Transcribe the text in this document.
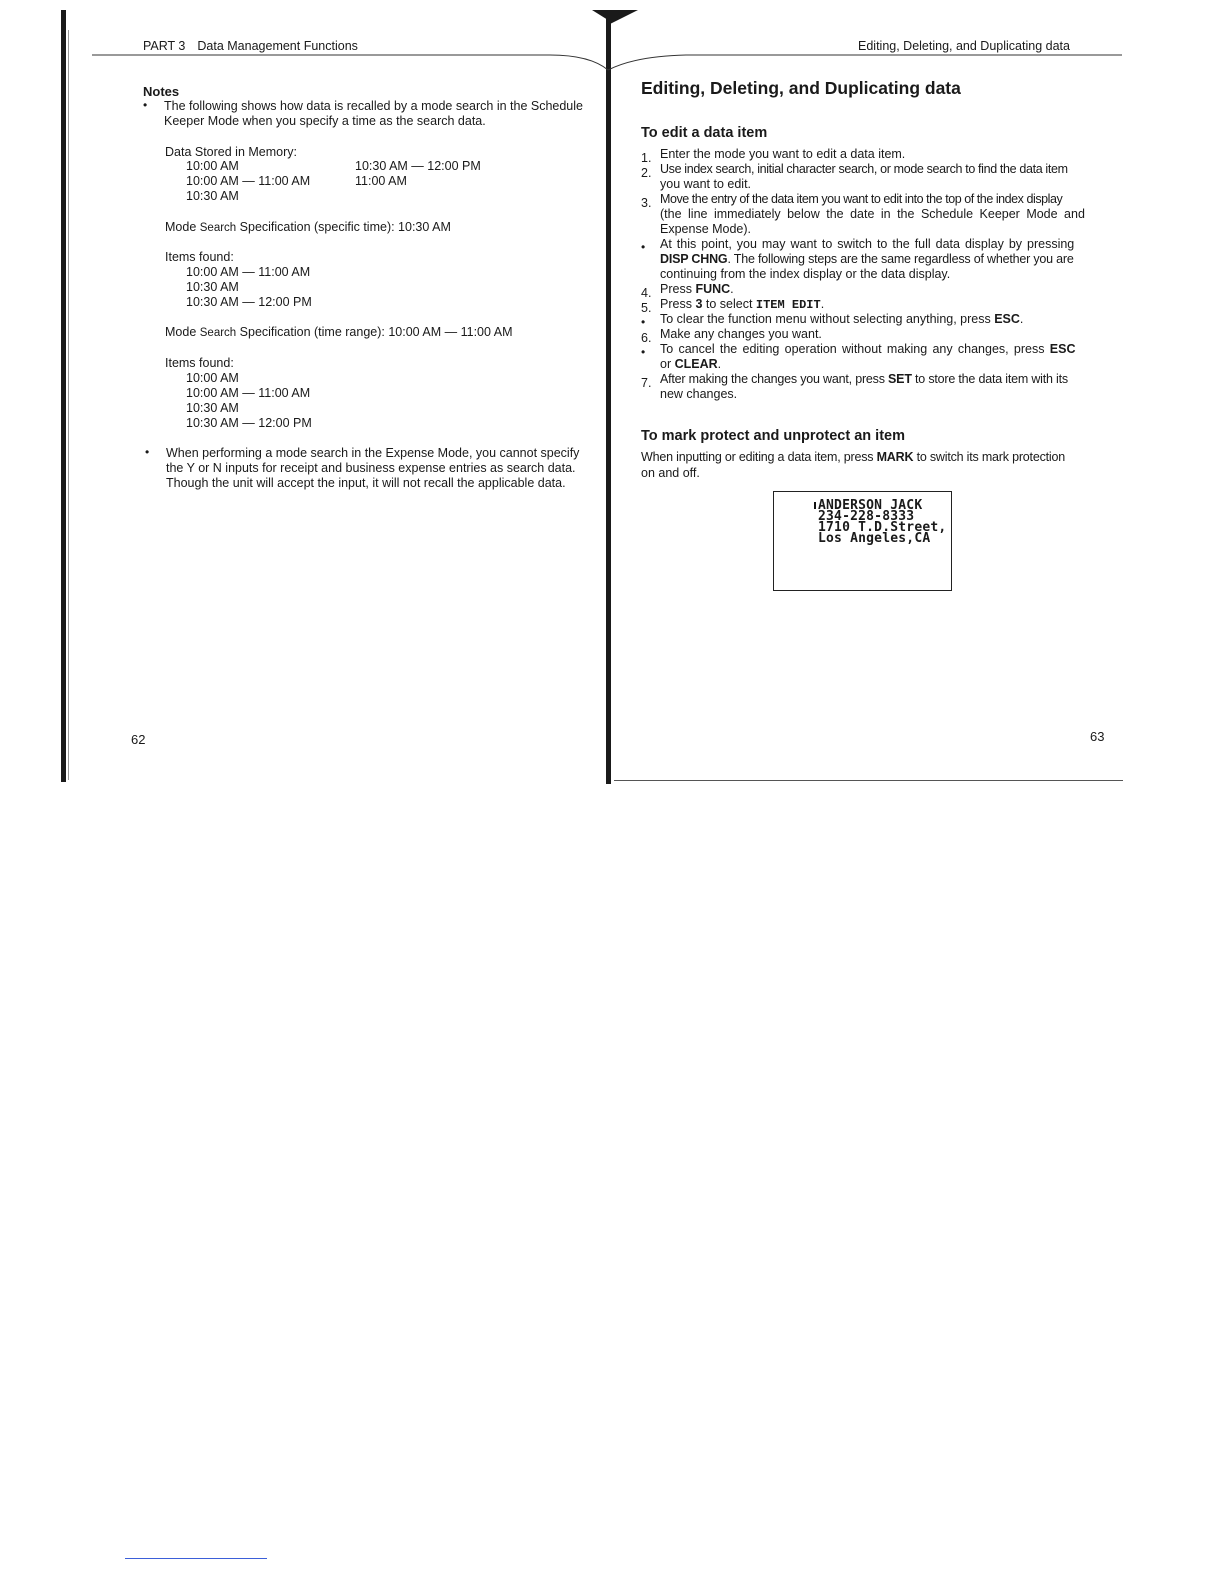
PART 3 Data Management Functions
Notes
• The following shows how data is recalled by a mode search in the Schedule
Keeper Mode when you specify a time as the search data.
Data Stored in Memory:
10:00 AM
10:00 AM — 11:00 AM
10:30 AM
10:30 AM — 12:00 PM
11:00 AM
Mode Search Specification (specific time): 10:30 AM
Items found:
10:00 AM — 11:00 AM
10:30 AM
10:30 AM — 12:00 PM
Mode Search Specification (time range): 10:00 AM — 11:00 AM
Items found:
10:00 AM
10:00 AM — 11:00 AM
10:30 AM
10:30 AM — 12:00 PM
• When performing a mode search in the Expense Mode, you cannot specify
the Y or N inputs for receipt and business expense entries as search data.
Though the unit will accept the input, it will not recall the applicable data.
62
Editing, Deleting, and Duplicating data
Editing, Deleting, and Duplicating data
To edit a data item
1. Enter the mode you want to edit a data item.
2. Use index search, initial character search, or mode search to find the data item
you want to edit.
3. Move the entry of the data item you want to edit into the top of the index display
(the line immediately below the date in the Schedule Keeper Mode and
Expense Mode).
• At this point, you may want to switch to the full data display by pressing
DISP CHNG. The following steps are the same regardless of whether you are
continuing from the index display or the data display.
4. Press FUNC.
5. Press 3 to select ITEM EDIT.
• To clear the function menu without selecting anything, press ESC.
6. Make any changes you want.
• To cancel the editing operation without making any changes, press ESC
or CLEAR.
7. After making the changes you want, press SET to store the data item with its
new changes.
To mark protect and unprotect an item
When inputting or editing a data item, press MARK to switch its mark protection
on and off.
ANDERSON JACK
234-228-8333
1710 T.D.Street,
Los Angeles,CA
63
